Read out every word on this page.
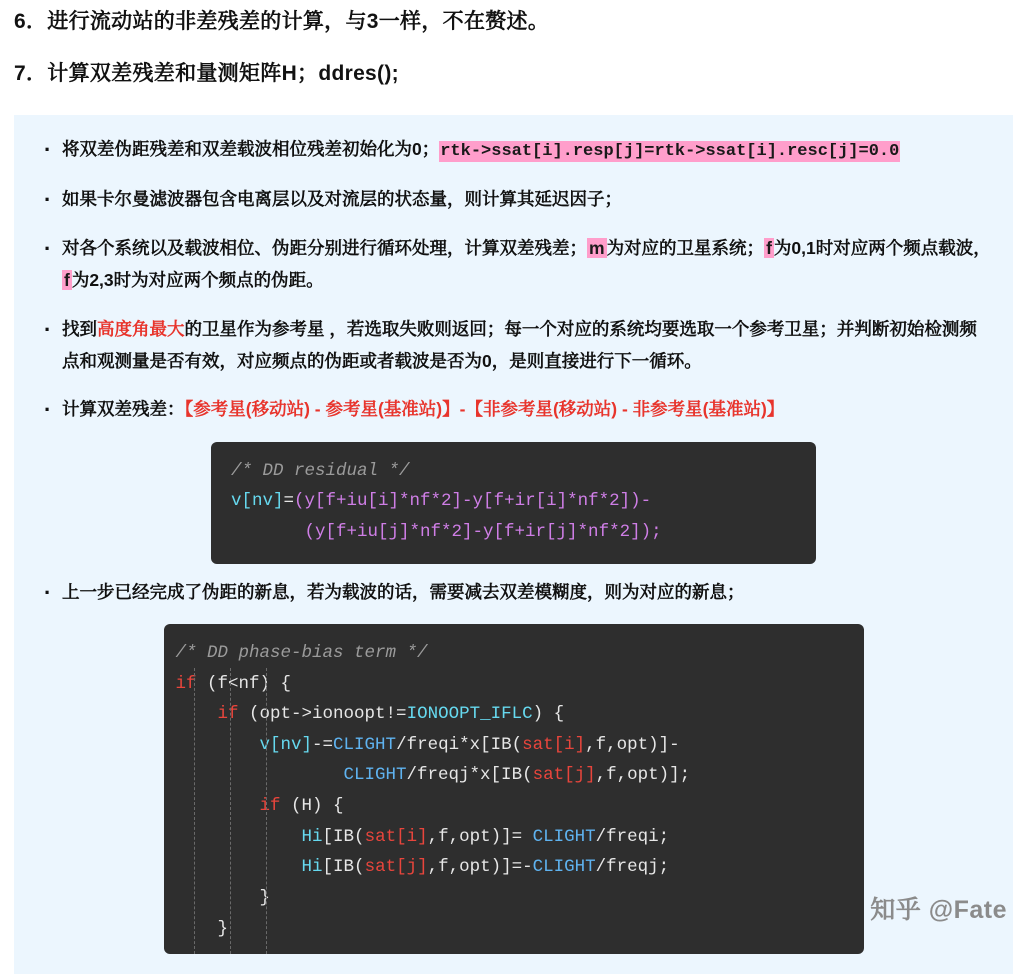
6．进行流动站的非差残差的计算，与3一样，不在赘述。
7．计算双差残差和量测矩阵H；ddres();
· 将双差伪距残差和双差载波相位残差初始化为0；rtk->ssat[i].resp[j]=rtk->ssat[i].resc[j]=0.0
· 如果卡尔曼滤波器包含电离层以及对流层的状态量，则计算其延迟因子；
· 对各个系统以及载波相位、伪距分别进行循环处理，计算双差残差； m 为对应的卫星系统； f 为0,1时对应两个频点载波，f 为2,3时为对应两个频点的伪距。
· 找到高度角最大的卫星作为参考星 ，若选取失败则返回；每一个对应的系统均要选取一个参考卫星；并判断初始检测频点和观测量是否有效，对应频点的伪距或者载波是否为0，是则直接进行下一循环。
· 计算双差残差：【参考星(移动站) - 参考星(基准站)】-【非参考星(移动站) - 非参考星(基准站)】
/* DD residual */
v[nv]=(y[f+iu[i]*nf*2]-y[f+ir[i]*nf*2])-
(y[f+iu[j]*nf*2]-y[f+ir[j]*nf*2]);
· 上一步已经完成了伪距的新息，若为载波的话，需要减去双差模糊度，则为对应的新息；
/* DD phase-bias term */
if (f<nf) {
if (opt->ionoopt!=IONOOPT_IFLC) {
v[nv]-=CLIGHT/freqi*x[IB(sat[i],f,opt)]-
CLIGHT/freqj*x[IB(sat[j],f,opt)];
if (H) {
Hi[IB(sat[i],f,opt)]= CLIGHT/freqi;
Hi[IB(sat[j],f,opt)]=-CLIGHT/freqj;
}
}
知乎 @Fate
